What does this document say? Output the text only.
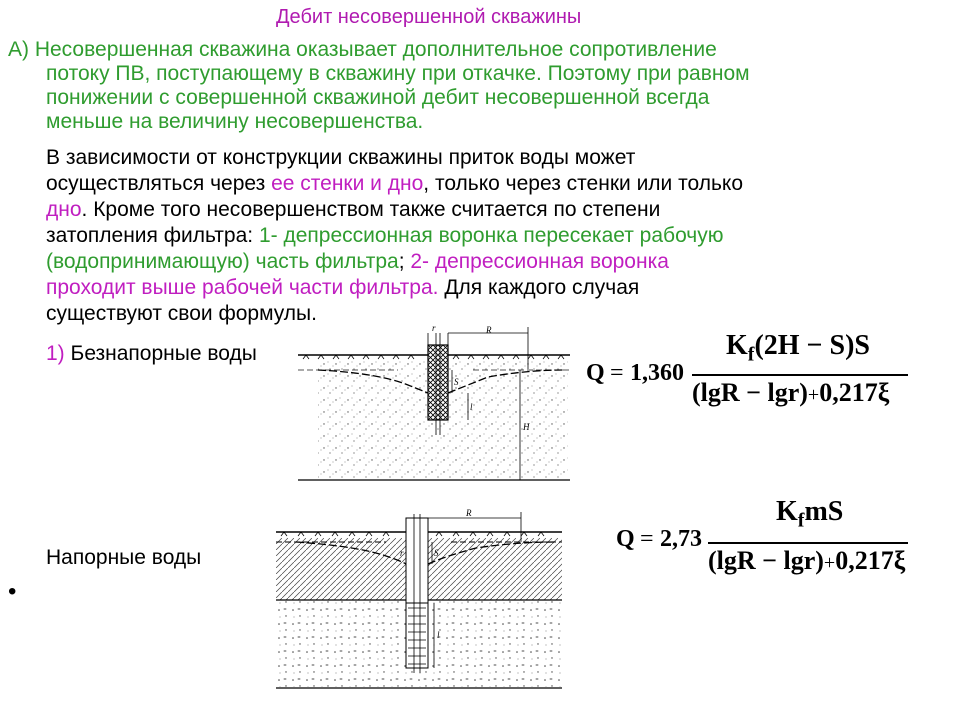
Дебит несовершенной скважины
А) Несовершенная скважина оказывает дополнительное сопротивление
потоку ПВ, поступающему в скважину при откачке. Поэтому при равном
понижении с совершенной скважиной дебит несовершенной всегда
меньше на величину несовершенства.
В зависимости от конструкции скважины приток воды может
осуществляться через ее стенки и дно, только через стенки или только
дно. Кроме того несовершенством также считается по степени
затопления фильтра: 1- депрессионная воронка пересекает рабочую
(водопринимающую) часть фильтра; 2- депрессионная воронка
проходит выше рабочей части фильтра. Для каждого случая
существуют свои формулы.
1) Безнапорные воды
Напорные воды
•
R
r
S
l
H
R
r	S
l
Q = 1,360
$K_f(2H - S)S$
(lgR − lgr)+0,217ξ
Q = 2,73
$K_fmS$
(lgR − lgr)+0,217ξ
